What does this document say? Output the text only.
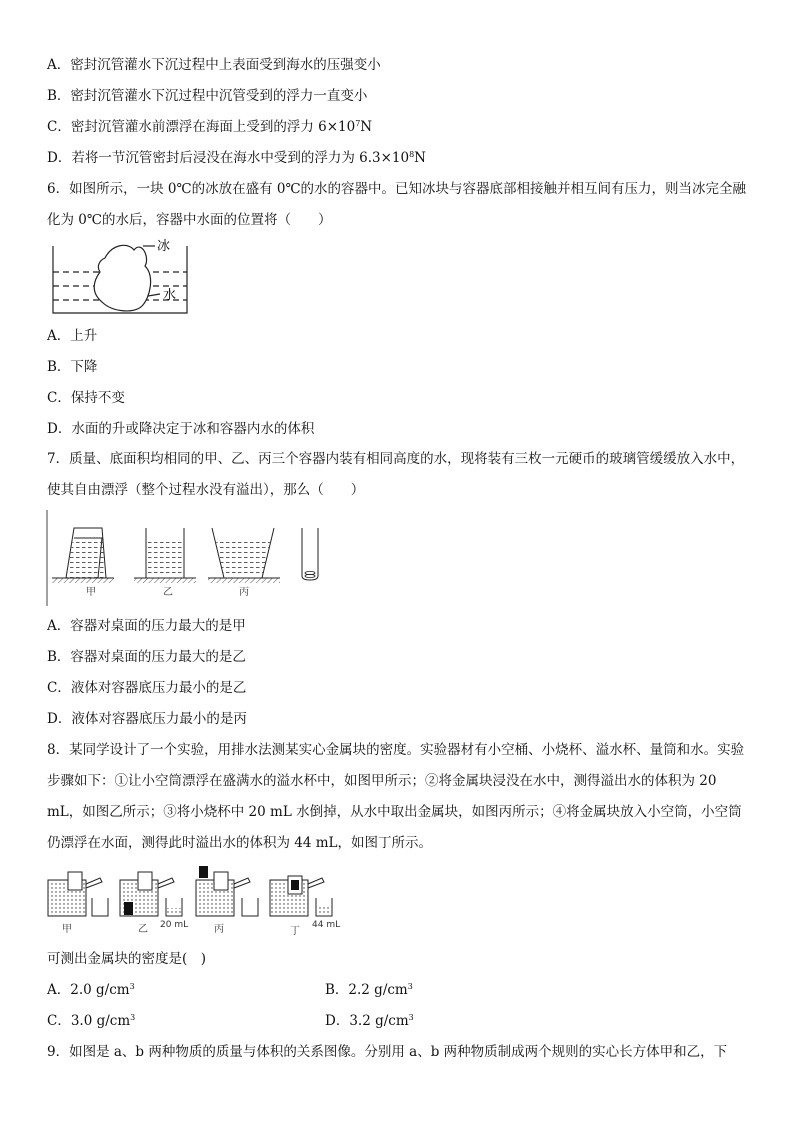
A．密封沉管灌水下沉过程中上表面受到海水的压强变小
B．密封沉管灌水下沉过程中沉管受到的浮力一直变小
C．密封沉管灌水前漂浮在海面上受到的浮力 $6\times 10^7N$
D．若将一节沉管密封后浸没在海水中受到的浮力为 $6.3\times 10^8N$
6．如图所示，一块 0℃的冰放在盛有 0℃的水的容器中。已知冰块与容器底部相接触并相互间有压力，则当冰完全融化为 0℃的水后，容器中水面的位置将（　　）
冰
水
A．上升
B．下降
C．保持不变
D．水面的升或降决定于冰和容器内水的体积
7．质量、底面积均相同的甲、乙、丙三个容器内装有相同高度的水，现将装有三枚一元硬币的玻璃管缓缓放入水中，使其自由漂浮（整个过程水没有溢出），那么（　　）
甲	乙	丙
A．容器对桌面的压力最大的是甲
B．容器对桌面的压力最大的是乙
C．液体对容器底压力最小的是乙
D．液体对容器底压力最小的是丙
8．某同学设计了一个实验，用排水法测某实心金属块的密度。实验器材有小空桶、小烧杯、溢水杯、量筒和水。实验步骤如下：①让小空筒漂浮在盛满水的溢水杯中，如图甲所示；②将金属块浸没在水中，测得溢出水的体积为 20 mL，如图乙所示；③将小烧杯中 20 mL 水倒掉，从水中取出金属块，如图丙所示；④将金属块放入小空筒，小空筒仍漂浮在水面，测得此时溢出水的体积为 44 mL，如图丁所示。
甲	乙	丙	丁
20 mL	44 mL
可测出金属块的密度是(　)
A．2.0 $g/cm^3$	B．2.2 $g/cm^3$
C．3.0 $g/cm^3$	D．3.2 $g/cm^3$
9．如图是 a、b 两种物质的质量与体积的关系图像。分别用 a、b 两种物质制成两个规则的实心长方体甲和乙，下
